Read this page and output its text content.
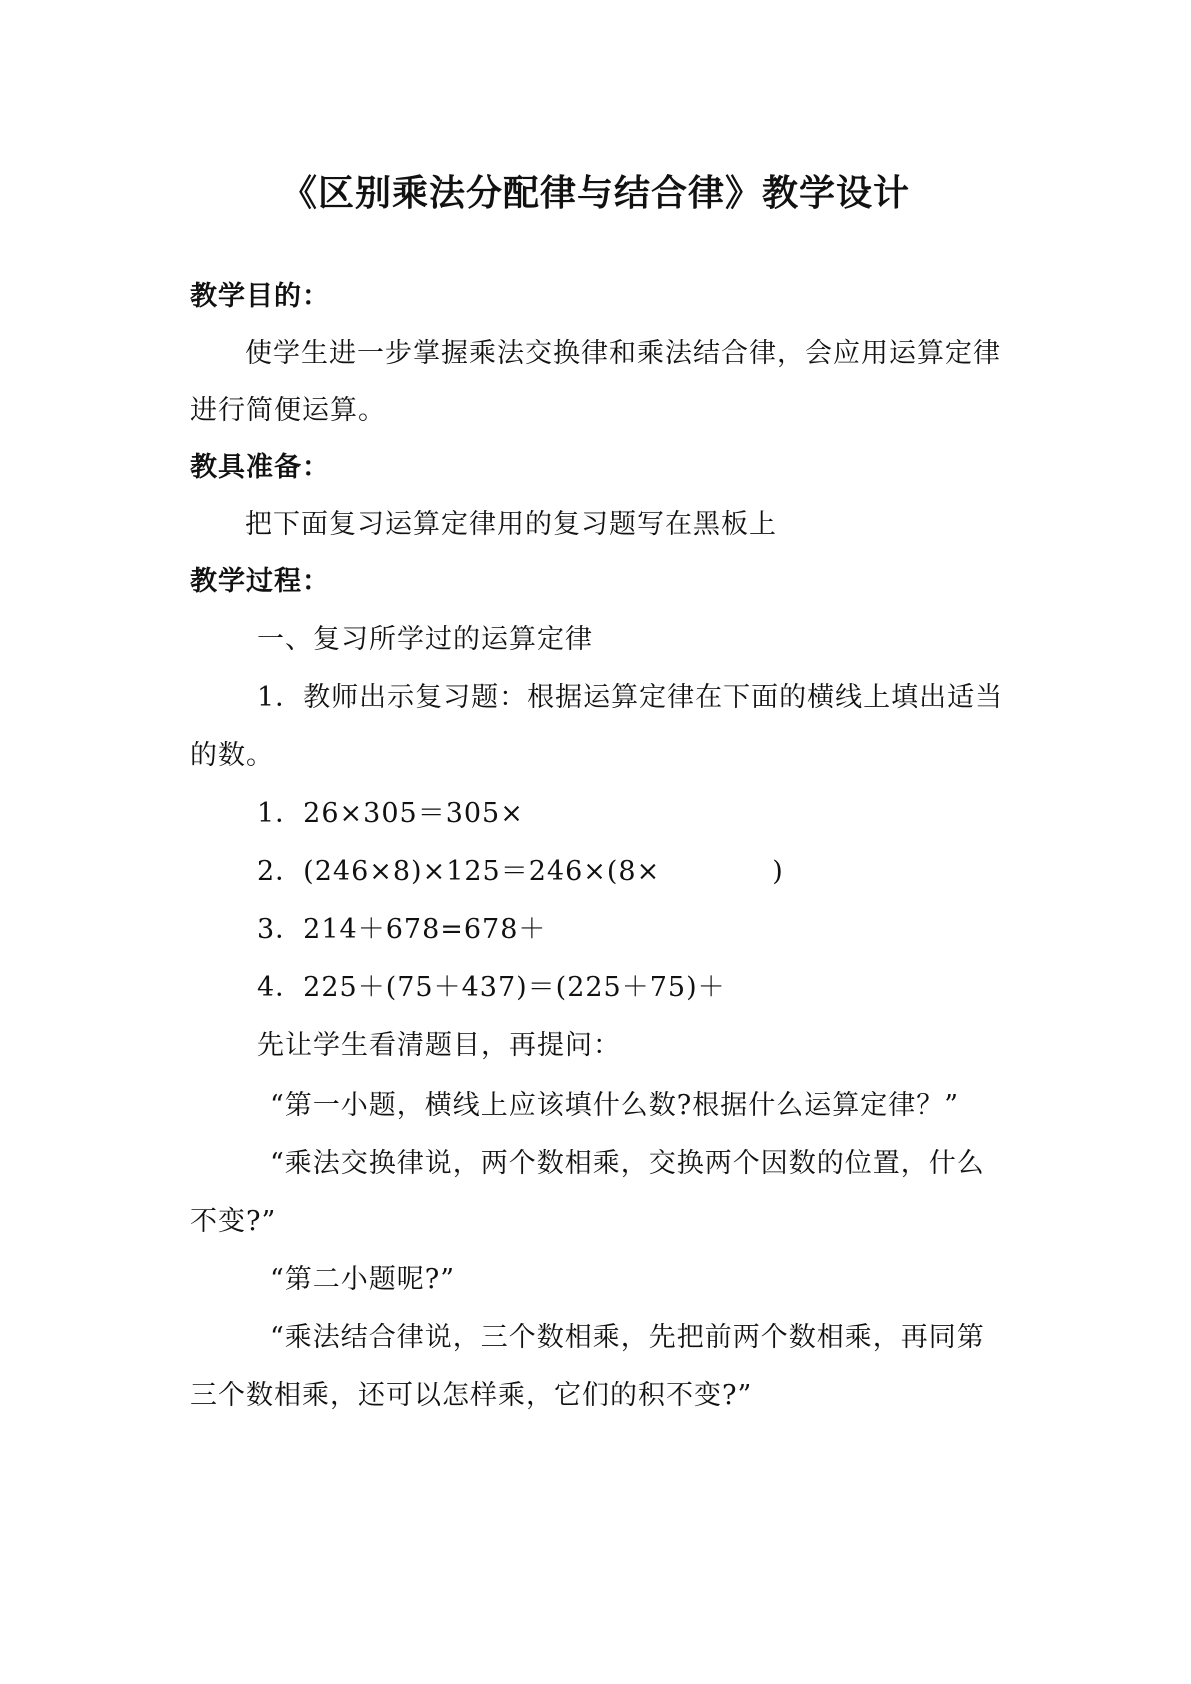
《区别乘法分配律与结合律》教学设计
教学目的：
使学生进一步掌握乘法交换律和乘法结合律，会应用运算定律
进行简便运算。
教具准备：
把下面复习运算定律用的复习题写在黑板上
教学过程：
一、复习所学过的运算定律
1．教师出示复习题：根据运算定律在下面的横线上填出适当
的数。
1．26×305＝305×
2．(246×8)×125＝246×(8×　　　　)
3．214＋678=678＋
4．225＋(75＋437)＝(225＋75)＋
先让学生看清题目，再提问：
“第一小题，横线上应该填什么数?根据什么运算定律？”
“乘法交换律说，两个数相乘，交换两个因数的位置，什么
不变?”
“第二小题呢?”
“乘法结合律说，三个数相乘，先把前两个数相乘，再同第
三个数相乘，还可以怎样乘，它们的积不变?”
